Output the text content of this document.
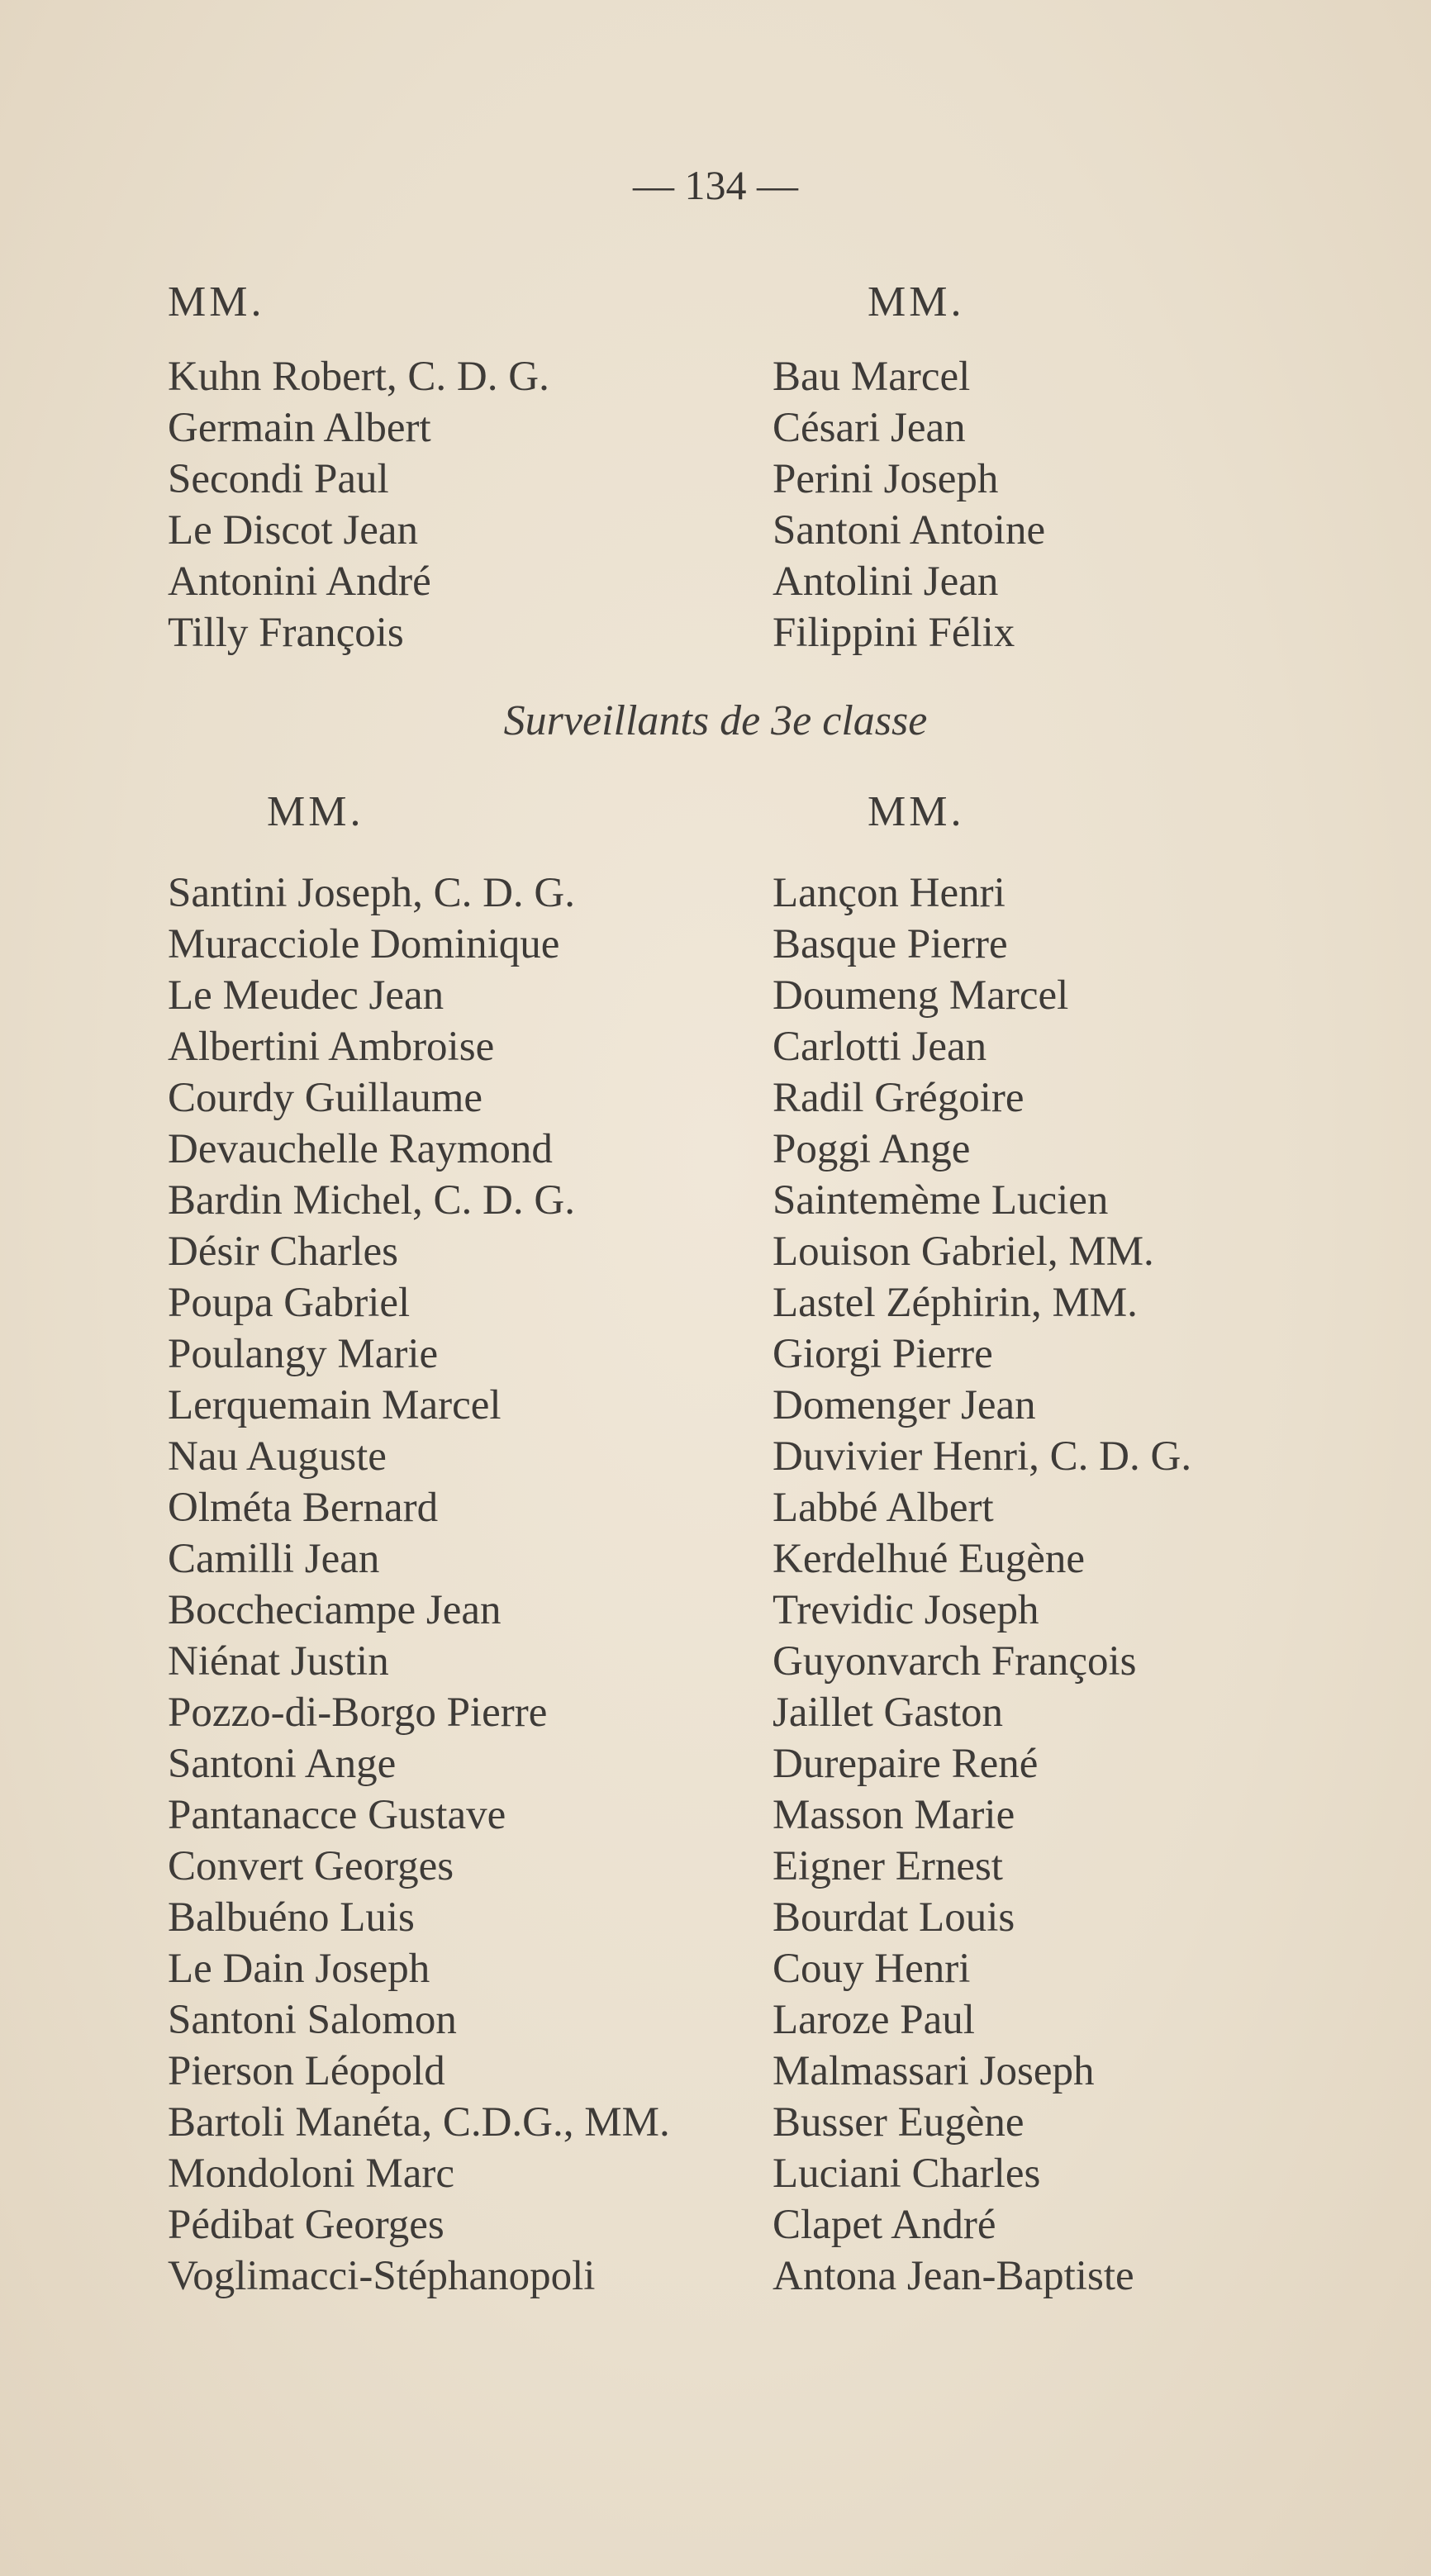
— 134 —
MM.
Kuhn Robert, C. D. G.
Germain Albert
Secondi Paul
Le Discot Jean
Antonini André
Tilly François
MM.
Bau Marcel
Césari Jean
Perini Joseph
Santoni Antoine
Antolini Jean
Filippini Félix
Surveillants de 3e classe
MM.
Santini Joseph, C. D. G.
Muracciole Dominique
Le Meudec Jean
Albertini Ambroise
Courdy Guillaume
Devauchelle Raymond
Bardin Michel, C. D. G.
Désir Charles
Poupa Gabriel
Poulangy Marie
Lerquemain Marcel
Nau Auguste
Olméta Bernard
Camilli Jean
Boccheciampe Jean
Niénat Justin
Pozzo-di-Borgo Pierre
Santoni Ange
Pantanacce Gustave
Convert Georges
Balbuéno Luis
Le Dain Joseph
Santoni Salomon
Pierson Léopold
Bartoli Manéta, C.D.G., MM.
Mondoloni Marc
Pédibat Georges
Voglimacci-Stéphanopoli
MM.
Lançon Henri
Basque Pierre
Doumeng Marcel
Carlotti Jean
Radil Grégoire
Poggi Ange
Saintemème Lucien
Louison Gabriel, MM.
Lastel Zéphirin, MM.
Giorgi Pierre
Domenger Jean
Duvivier Henri, C. D. G.
Labbé Albert
Kerdelhué Eugène
Trevidic Joseph
Guyonvarch François
Jaillet Gaston
Durepaire René
Masson Marie
Eigner Ernest
Bourdat Louis
Couy Henri
Laroze Paul
Malmassari Joseph
Busser Eugène
Luciani Charles
Clapet André
Antona Jean-Baptiste
